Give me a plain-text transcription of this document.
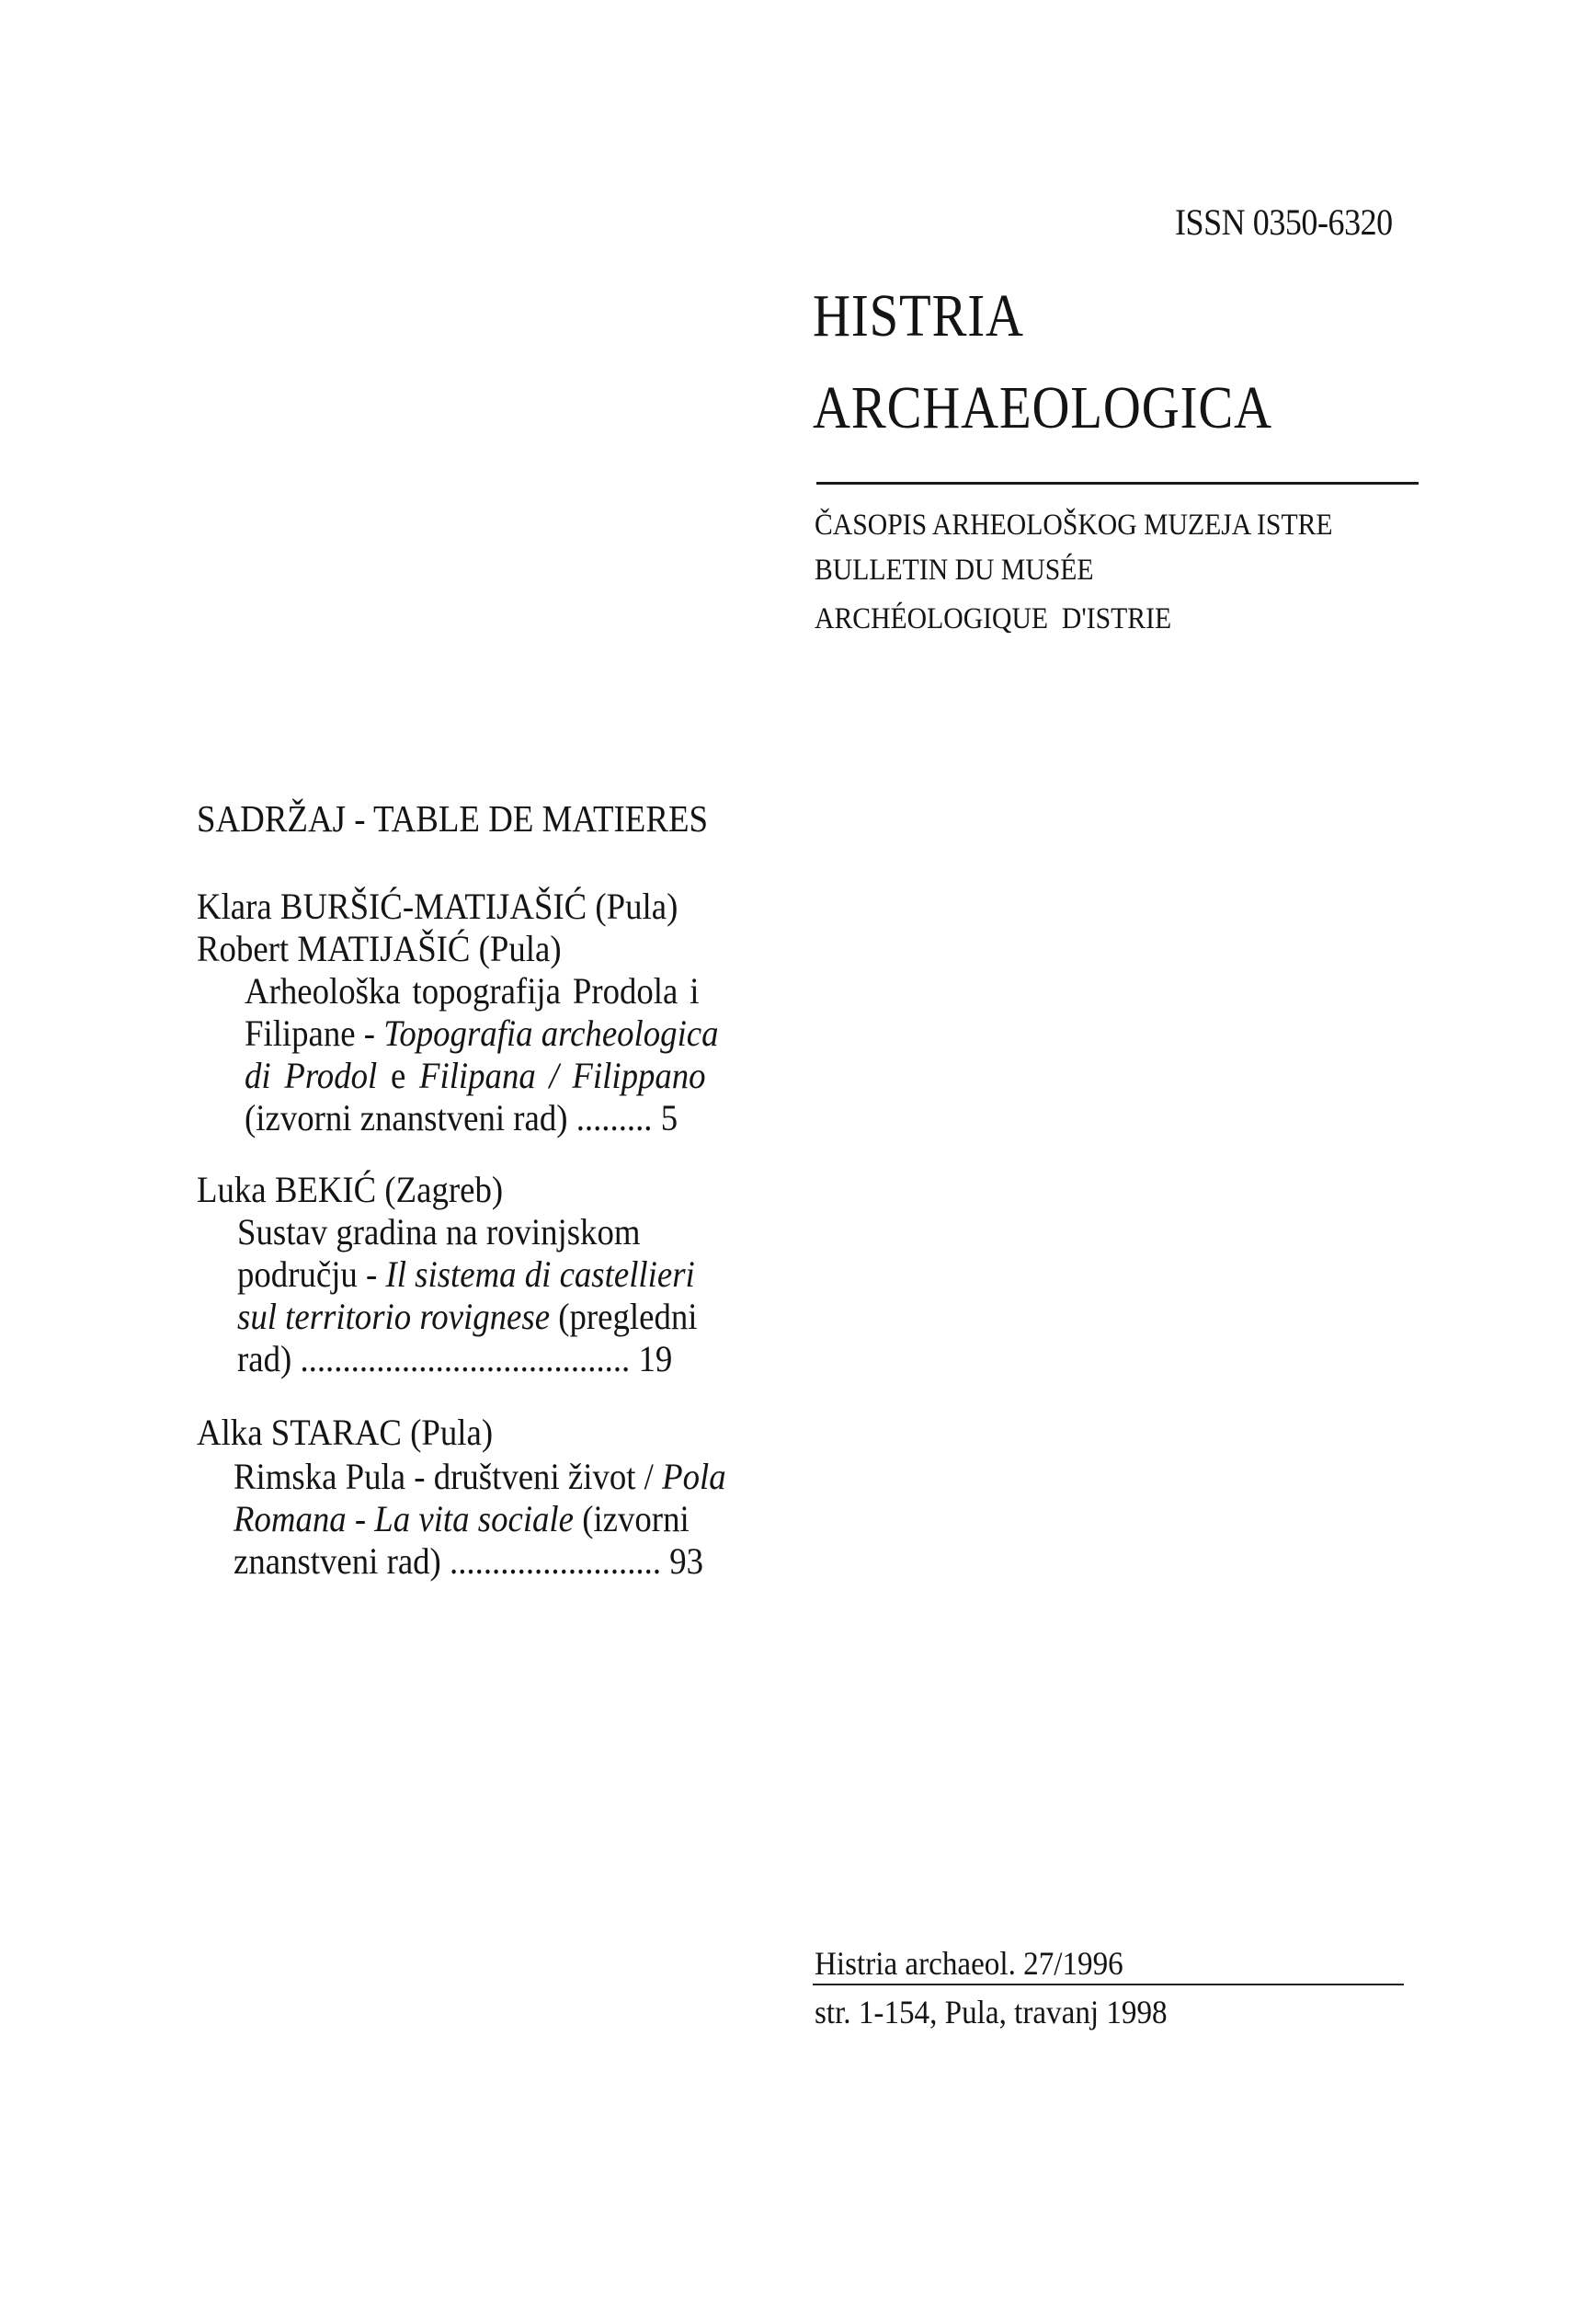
ISSN 0350-6320
HISTRIA
ARCHAEOLOGICA
ČASOPIS ARHEOLOŠKOG MUZEJA ISTRE
BULLETIN DU MUSÉE
ARCHÉOLOGIQUE  D'ISTRIE
SADRŽAJ - TABLE DE MATIERES
Klara BURŠIĆ-MATIJAŠIĆ (Pula)
Robert MATIJAŠIĆ (Pula)
Arheološka topografija Prodola i
Filipane - Topografia archeologica
di Prodol e Filipana / Filippano
(izvorni znanstveni rad) ......... 5
Luka BEKIĆ (Zagreb)
Sustav gradina na rovinjskom
području - Il sistema di castellieri
sul territorio rovignese (pregledni
rad) ....................................... 19
Alka STARAC (Pula)
Rimska Pula - društveni život / Pola
Romana - La vita sociale (izvorni
znanstveni rad) ......................... 93
Histria archaeol. 27/1996
str. 1-154, Pula, travanj 1998
